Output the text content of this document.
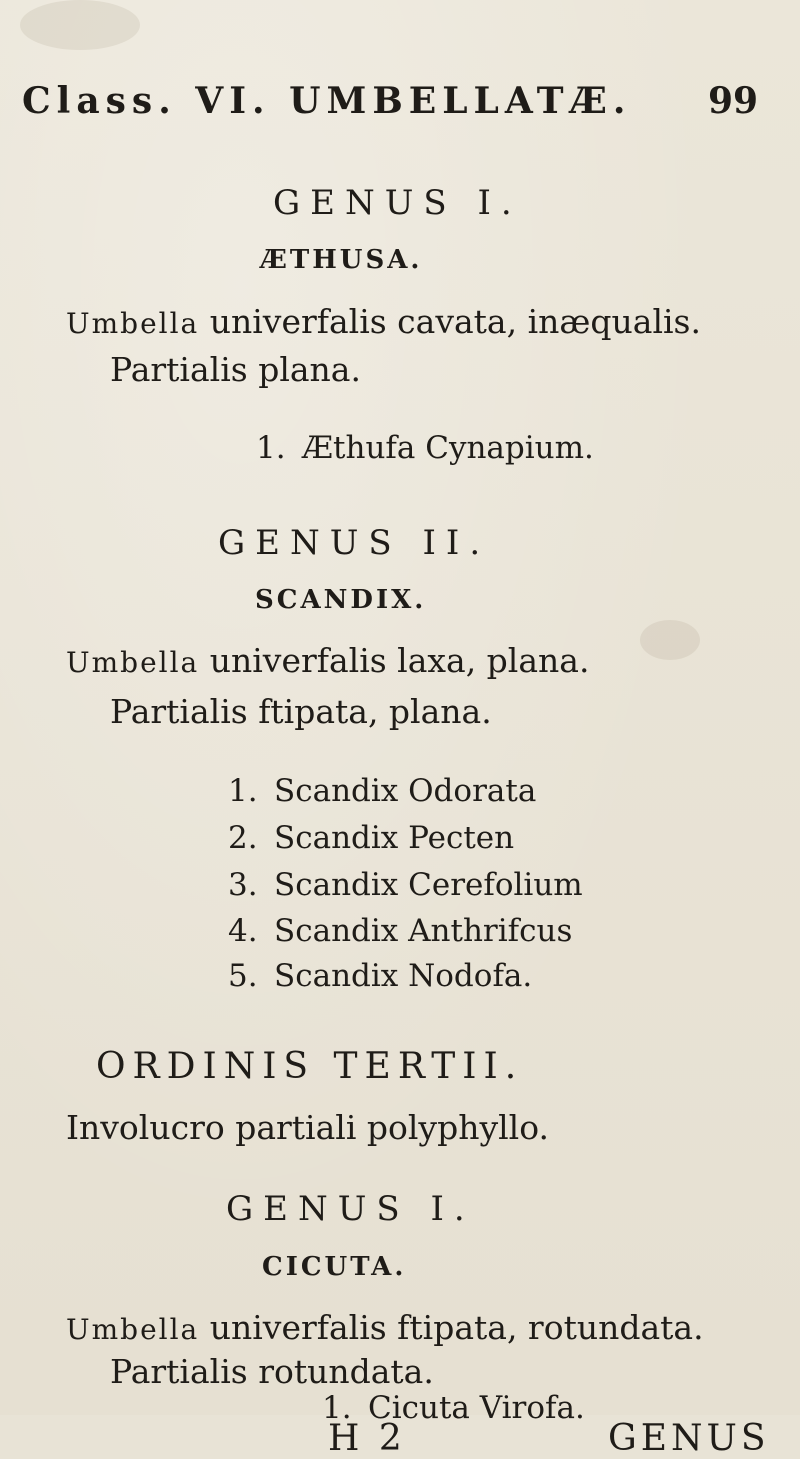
Class. VI. UMBELLATÆ. 99
GENUS I.
ÆTHUSA.
Umbella univerfalis cavata, inæqualis.
Partialis plana.
1. Æthufa Cynapium.
GENUS II.
SCANDIX.
Umbella univerfalis laxa, plana.
Partialis ftipata, plana.
1. Scandix Odorata
2. Scandix Pecten
3. Scandix Cerefolium
4. Scandix Anthrifcus
5. Scandix Nodofa.
ORDINIS TERTII.
Involucro partiali polyphyllo.
GENUS I.
CICUTA.
Umbella univerfalis ftipata, rotundata.
Partialis rotundata.
1. Cicuta Virofa.
H 2	GENUS
